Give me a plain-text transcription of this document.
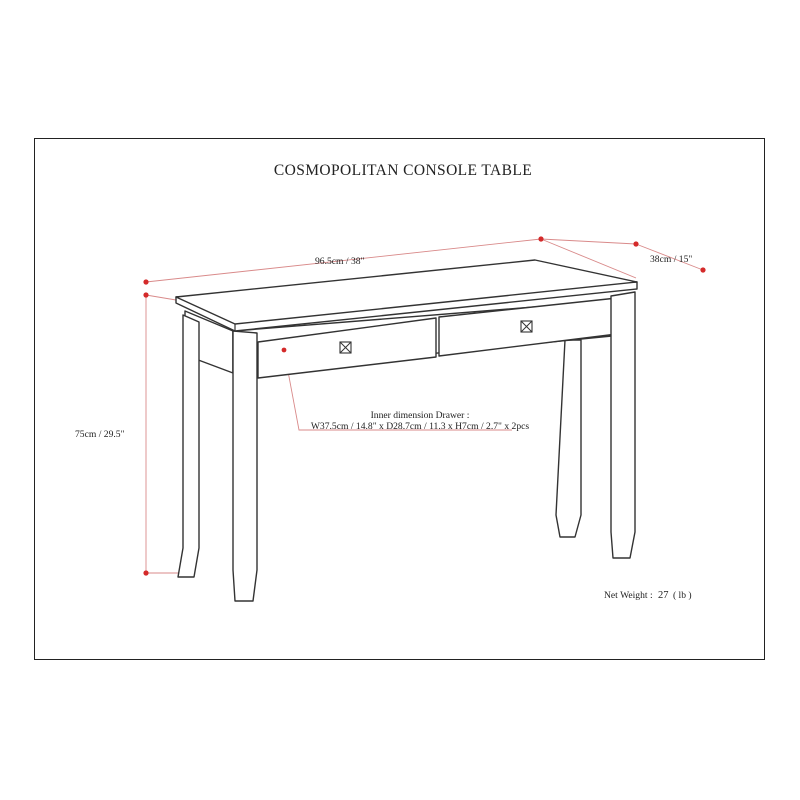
COSMOPOLITAN CONSOLE TABLE
96.5cm / 38"	38cm / 15"
75cm / 29.5"
Inner dimension Drawer :
W37.5cm / 14.8" x D28.7cm / 11.3 x H7cm / 2.7" x 2pcs
Net Weight : 27 ( lb )
